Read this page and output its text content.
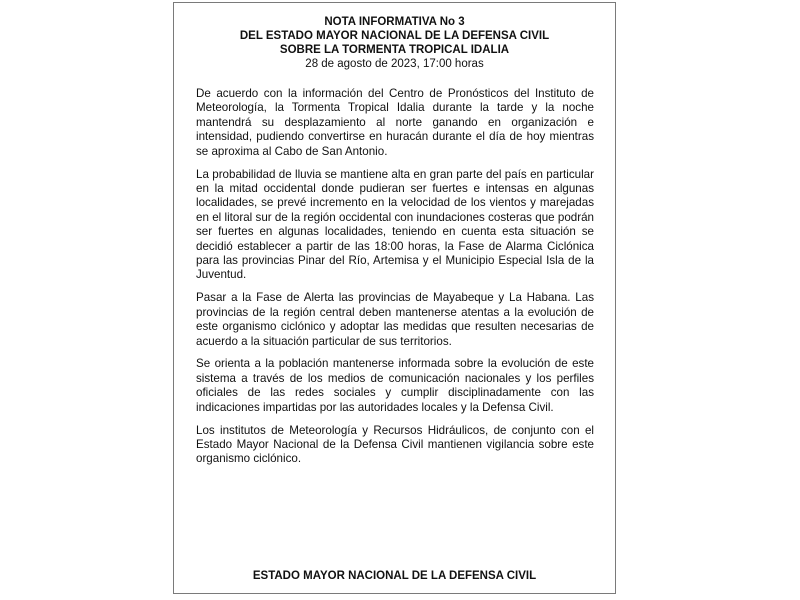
NOTA INFORMATIVA No 3
DEL ESTADO MAYOR NACIONAL DE LA DEFENSA CIVIL
SOBRE LA TORMENTA TROPICAL IDALIA
28 de agosto de 2023, 17:00 horas

De acuerdo con la información del Centro de Pronósticos del Instituto de Meteorología, la Tormenta Tropical Idalia durante la tarde y la noche mantendrá su desplazamiento al norte ganando en organización e intensidad, pudiendo convertirse en huracán durante el día de hoy mientras se aproxima al Cabo de San Antonio.

La probabilidad de lluvia se mantiene alta en gran parte del país en particular en la mitad occidental donde pudieran ser fuertes e intensas en algunas localidades, se prevé incremento en la velocidad de los vientos y marejadas en el litoral sur de la región occidental con inundaciones costeras que podrán ser fuertes en algunas localidades, teniendo en cuenta esta situación se decidió establecer a partir de las 18:00 horas, la Fase de Alarma Ciclónica para las provincias Pinar del Río, Artemisa y el Municipio Especial Isla de la Juventud.

Pasar a la Fase de Alerta las provincias de Mayabeque y La Habana. Las provincias de la región central deben mantenerse atentas a la evolución de este organismo ciclónico y adoptar las medidas que resulten necesarias de acuerdo a la situación particular de sus territorios.

Se orienta a la población mantenerse informada sobre la evolución de este sistema a través de los medios de comunicación nacionales y los perfiles oficiales de las redes sociales y cumplir disciplinadamente con las indicaciones impartidas por las autoridades locales y la Defensa Civil.

Los institutos de Meteorología y Recursos Hidráulicos, de conjunto con el Estado Mayor Nacional de la Defensa Civil mantienen vigilancia sobre este organismo ciclónico.

ESTADO MAYOR NACIONAL DE LA DEFENSA CIVIL
